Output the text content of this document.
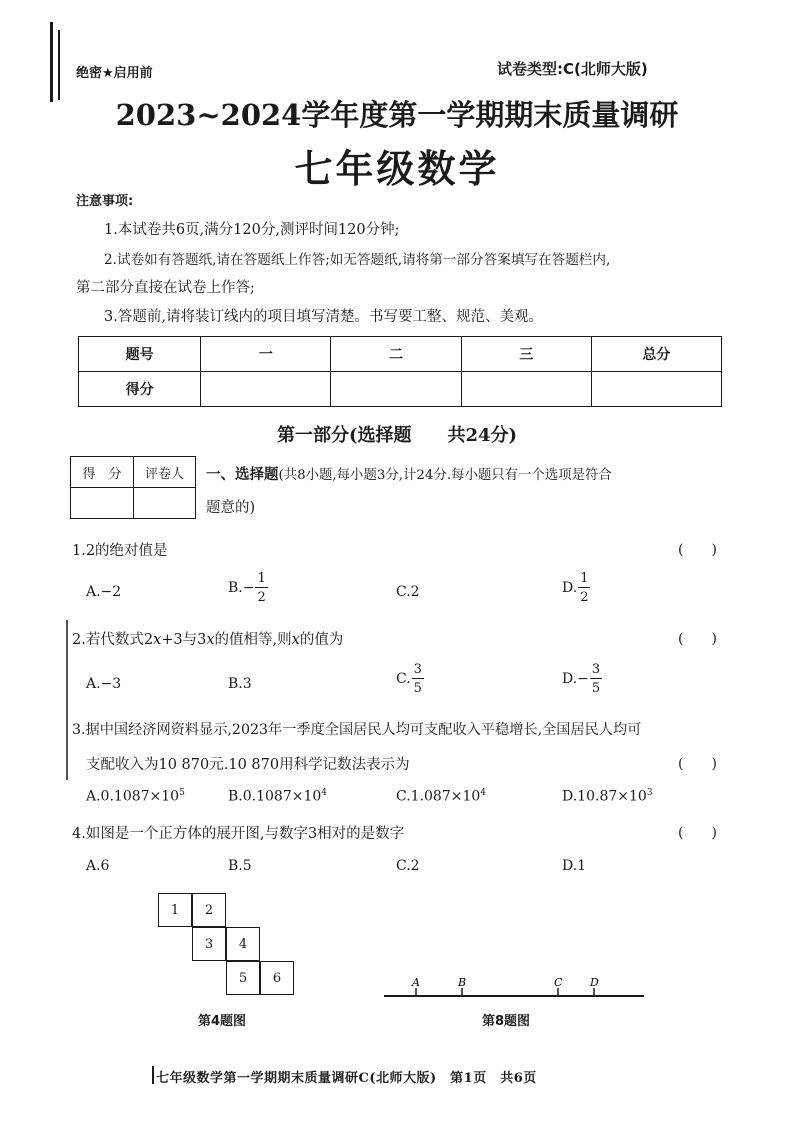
绝密★启用前	试卷类型:C(北师大版)
2023~2024学年度第一学期期末质量调研
七年级数学
注意事项:
1.本试卷共6页,满分120分,测评时间120分钟;
2.试卷如有答题纸,请在答题纸上作答;如无答题纸,请将第一部分答案填写在答题栏内,
第二部分直接在试卷上作答;
3.答题前,请将装订线内的项目填写清楚。书写要工整、规范、美观。
题号	一	二	三	总分
得分				
第一部分(选择题　　共24分)
得　分	评卷人
	一、选择题(共8小题,每小题3分,计24分.每小题只有一个选项是符合
题意的)
1.2的绝对值是	(　　)
A.−2	$B.- \frac{1}{2}$	C.2	D. $\frac{1}{2}$
2.若代数式2x+3与3x的值相等,则x的值为	(　　)
A.−3	B.3	C. $\frac{3}{5}$	$D.- \frac{3}{5}$
3.据中国经济网资料显示,2023年一季度全国居民人均可支配收入平稳增长,全国居民人均可
支配收入为10 870元.10 870用科学记数法表示为	(　　)
$A.0.1087\times 10^5$	$B.0.1087\times 10^4$	$C.1.087\times 10^4$	$D.10.87\times 10^3$
4.如图是一个正方体的展开图,与数字3相对的是数字	(　　)
A.6	B.5	C.2	D.1
1	2
3	4
5	6
第4题图
A	B	C	D
第8题图
七年级数学第一学期期末质量调研C(北师大版)　第1页　共6页
